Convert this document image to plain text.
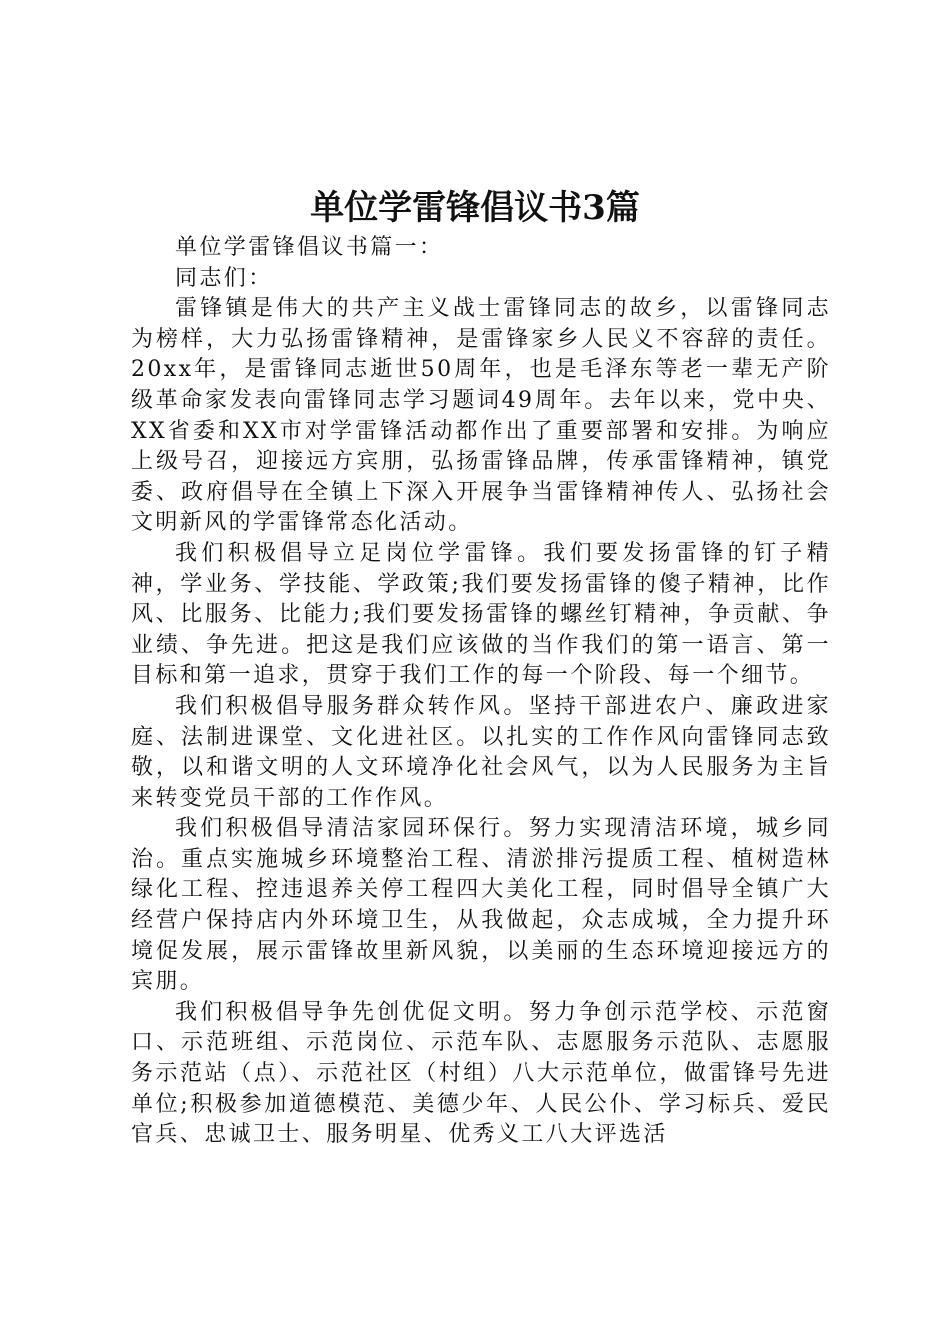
单位学雷锋倡议书3篇

单位学雷锋倡议书篇一：

同志们：

雷锋镇是伟大的共产主义战士雷锋同志的故乡，以雷锋同志为榜样，大力弘扬雷锋精神，是雷锋家乡人民义不容辞的责任。20xx年，是雷锋同志逝世50周年，也是毛泽东等老一辈无产阶级革命家发表向雷锋同志学习题词49周年。去年以来，党中央、XX省委和XX市对学雷锋活动都作出了重要部署和安排。为响应上级号召，迎接远方宾朋，弘扬雷锋品牌，传承雷锋精神，镇党委、政府倡导在全镇上下深入开展争当雷锋精神传人、弘扬社会文明新风的学雷锋常态化活动。

我们积极倡导立足岗位学雷锋。我们要发扬雷锋的钉子精神，学业务、学技能、学政策;我们要发扬雷锋的傻子精神，比作风、比服务、比能力;我们要发扬雷锋的螺丝钉精神，争贡献、争业绩、争先进。把这是我们应该做的当作我们的第一语言、第一目标和第一追求，贯穿于我们工作的每一个阶段、每一个细节。

我们积极倡导服务群众转作风。坚持干部进农户、廉政进家庭、法制进课堂、文化进社区。以扎实的工作作风向雷锋同志致敬，以和谐文明的人文环境净化社会风气，以为人民服务为主旨来转变党员干部的工作作风。

我们积极倡导清洁家园环保行。努力实现清洁环境，城乡同治。重点实施城乡环境整治工程、清淤排污提质工程、植树造林绿化工程、控违退养关停工程四大美化工程，同时倡导全镇广大经营户保持店内外环境卫生，从我做起，众志成城，全力提升环境促发展，展示雷锋故里新风貌，以美丽的生态环境迎接远方的宾朋。

我们积极倡导争先创优促文明。努力争创示范学校、示范窗口、示范班组、示范岗位、示范车队、志愿服务示范队、志愿服务示范站（点）、示范社区（村组）八大示范单位，做雷锋号先进单位;积极参加道德模范、美德少年、人民公仆、学习标兵、爱民官兵、忠诚卫士、服务明星、优秀义工八大评选活
